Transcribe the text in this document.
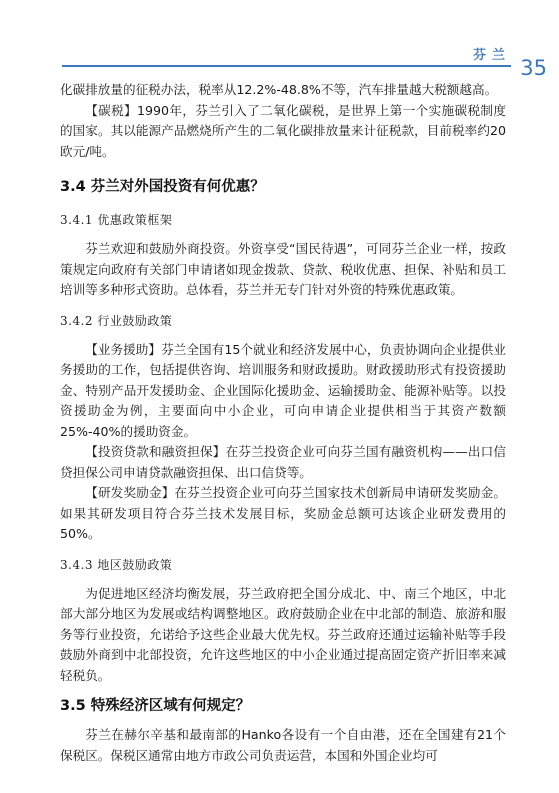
芬兰
35

化碳排放量的征税办法，税率从12.2%-48.8%不等，汽车排量越大税额越高。

【碳税】1990年，芬兰引入了二氧化碳税，是世界上第一个实施碳税制度的国家。其以能源产品燃烧所产生的二氧化碳排放量来计征税款，目前税率约20欧元/吨。

3.4 芬兰对外国投资有何优惠？
3.4.1 优惠政策框架

芬兰欢迎和鼓励外商投资。外资享受“国民待遇”，可同芬兰企业一样，按政策规定向政府有关部门申请诸如现金拨款、贷款、税收优惠、担保、补贴和员工培训等多种形式资助。总体看，芬兰并无专门针对外资的特殊优惠政策。

3.4.2 行业鼓励政策

【业务援助】芬兰全国有15个就业和经济发展中心，负责协调向企业提供业务援助的工作，包括提供咨询、培训服务和财政援助。财政援助形式有投资援助金、特别产品开发援助金、企业国际化援助金、运输援助金、能源补贴等。以投资援助金为例，主要面向中小企业，可向申请企业提供相当于其资产数额25%-40%的援助资金。

【投资贷款和融资担保】在芬兰投资企业可向芬兰国有融资机构——出口信贷担保公司申请贷款融资担保、出口信贷等。

【研发奖励金】在芬兰投资企业可向芬兰国家技术创新局申请研发奖励金。如果其研发项目符合芬兰技术发展目标，奖励金总额可达该企业研发费用的50%。

3.4.3 地区鼓励政策

为促进地区经济均衡发展，芬兰政府把全国分成北、中、南三个地区，中北部大部分地区为发展或结构调整地区。政府鼓励企业在中北部的制造、旅游和服务等行业投资，允诺给予这些企业最大优先权。芬兰政府还通过运输补贴等手段鼓励外商到中北部投资，允许这些地区的中小企业通过提高固定资产折旧率来减轻税负。

3.5 特殊经济区域有何规定？

芬兰在赫尔辛基和最南部的Hanko各设有一个自由港，还在全国建有21个保税区。保税区通常由地方市政公司负责运营，本国和外国企业均可
